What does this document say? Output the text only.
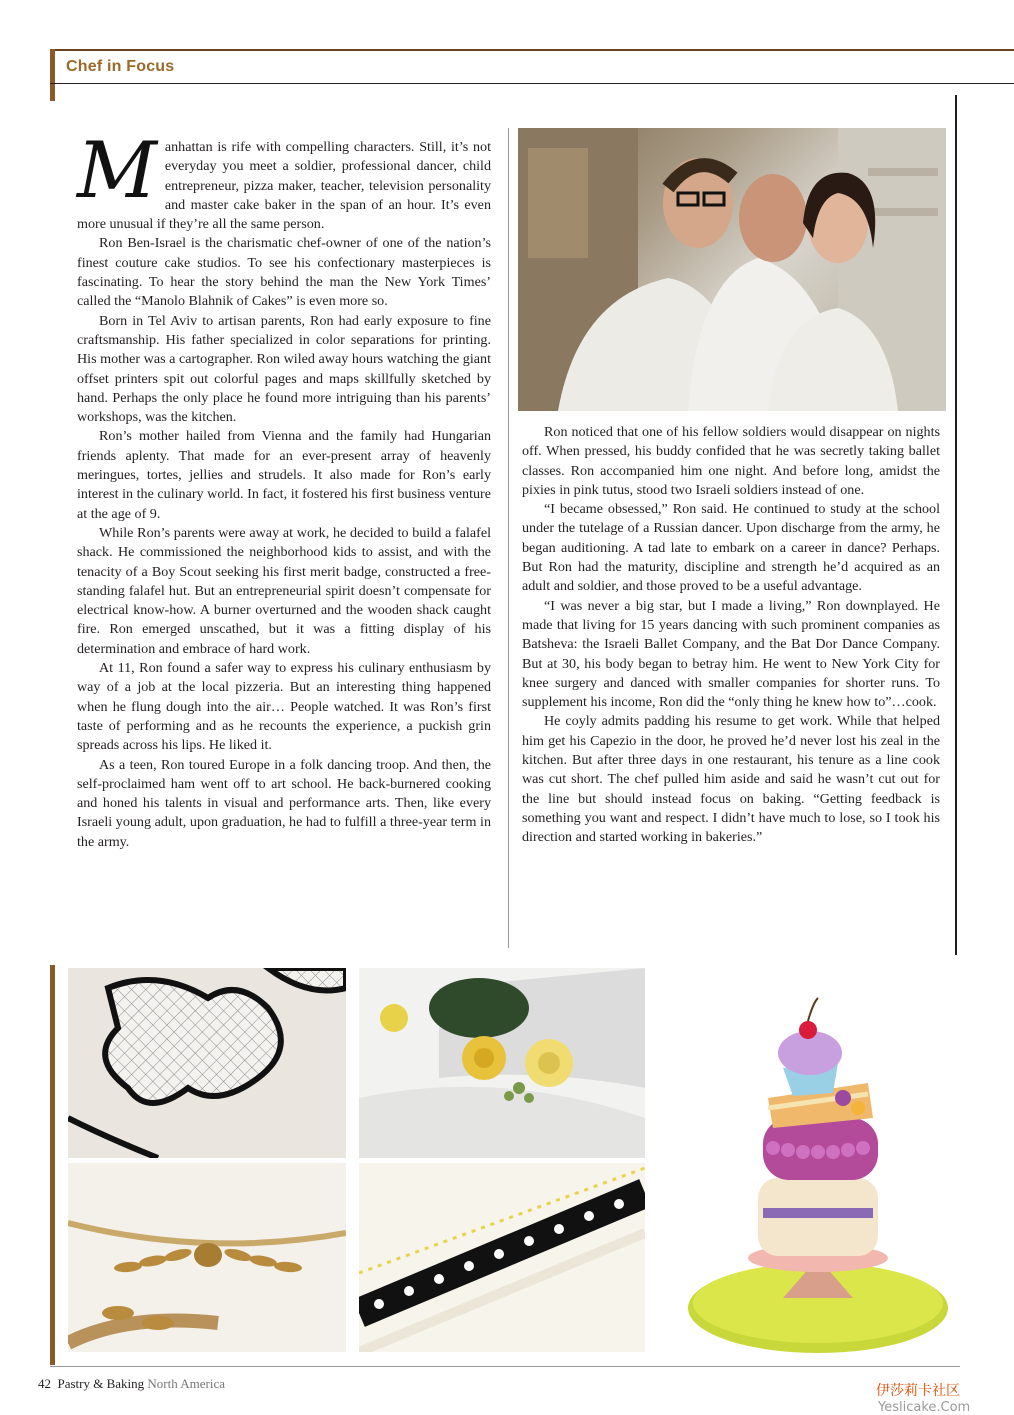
Chef in Focus

Manhattan is rife with compelling characters. Still, it’s not everyday you meet a soldier, professional dancer, child entrepreneur, pizza maker, teacher, television personality and master cake baker in the span of an hour. It’s even more unusual if they’re all the same person.

Ron Ben-Israel is the charismatic chef-owner of one of the nation’s finest couture cake studios. To see his confectionary masterpieces is fascinating. To hear the story behind the man the New York Times’ called the “Manolo Blahnik of Cakes” is even more so.

Born in Tel Aviv to artisan parents, Ron had early exposure to fine craftsmanship. His father specialized in color separations for printing. His mother was a cartographer. Ron wiled away hours watching the giant offset printers spit out colorful pages and maps skillfully sketched by hand. Perhaps the only place he found more intriguing than his parents’ workshops, was the kitchen.

Ron’s mother hailed from Vienna and the family had Hungarian friends aplenty. That made for an ever-present array of heavenly meringues, tortes, jellies and strudels. It also made for Ron’s early interest in the culinary world. In fact, it fostered his first business venture at the age of 9.

While Ron’s parents were away at work, he decided to build a falafel shack. He commissioned the neighborhood kids to assist, and with the tenacity of a Boy Scout seeking his first merit badge, constructed a free-standing falafel hut. But an entrepreneurial spirit doesn’t compensate for electrical know-how. A burner overturned and the wooden shack caught fire. Ron emerged unscathed, but it was a fitting display of his determination and embrace of hard work.

At 11, Ron found a safer way to express his culinary enthusiasm by way of a job at the local pizzeria. But an interesting thing happened when he flung dough into the air… People watched. It was Ron’s first taste of performing and as he recounts the experience, a puckish grin spreads across his lips. He liked it.

As a teen, Ron toured Europe in a folk dancing troop. And then, the self-proclaimed ham went off to art school. He back-burnered cooking and honed his talents in visual and performance arts. Then, like every Israeli young adult, upon graduation, he had to fulfill a three-year term in the army.

Ron noticed that one of his fellow soldiers would disappear on nights off. When pressed, his buddy confided that he was secretly taking ballet classes. Ron accompanied him one night. And before long, amidst the pixies in pink tutus, stood two Israeli soldiers instead of one.

“I became obsessed,” Ron said. He continued to study at the school under the tutelage of a Russian dancer. Upon discharge from the army, he began auditioning. A tad late to embark on a career in dance? Perhaps. But Ron had the maturity, discipline and strength he’d acquired as an adult and soldier, and those proved to be a useful advantage.

“I was never a big star, but I made a living,” Ron downplayed. He made that living for 15 years dancing with such prominent companies as Batsheva: the Israeli Ballet Company, and the Bat Dor Dance Company. But at 30, his body began to betray him. He went to New York City for knee surgery and danced with smaller companies for shorter runs. To supplement his income, Ron did the “only thing he knew how to”…cook.

He coyly admits padding his resume to get work. While that helped him get his Capezio in the door, he proved he’d never lost his zeal in the kitchen. But after three days in one restaurant, his tenure as a line cook was cut short. The chef pulled him aside and said he wasn’t cut out for the line but should instead focus on baking. “Getting feedback is something you want and respect. I didn’t have much to lose, so I took his direction and started working in bakeries.”

42 Pastry & Baking North America	伊莎莉卡社区
Yeslicake.Com
